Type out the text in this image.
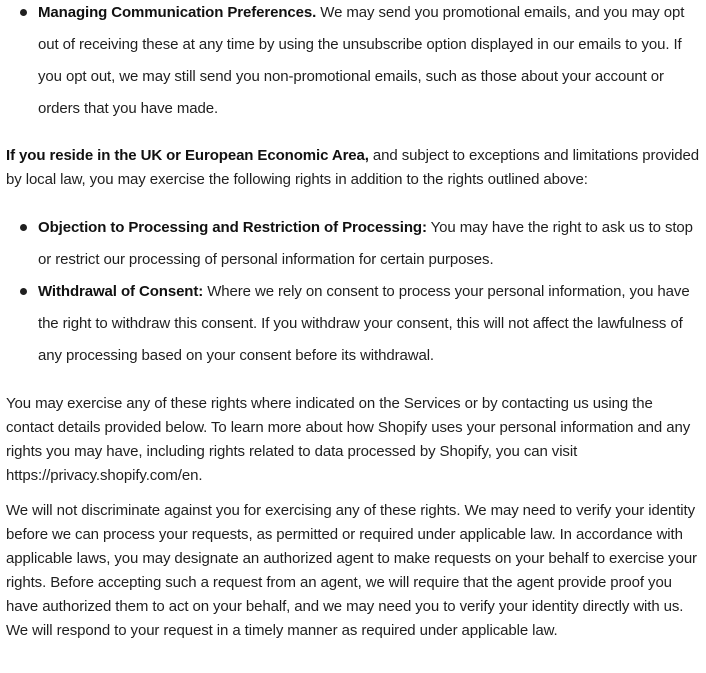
Managing Communication Preferences. We may send you promotional emails, and you may opt out of receiving these at any time by using the unsubscribe option displayed in our emails to you. If you opt out, we may still send you non-promotional emails, such as those about your account or orders that you have made.

If you reside in the UK or European Economic Area, and subject to exceptions and limitations provided by local law, you may exercise the following rights in addition to the rights outlined above:

Objection to Processing and Restriction of Processing: You may have the right to ask us to stop or restrict our processing of personal information for certain purposes.
Withdrawal of Consent: Where we rely on consent to process your personal information, you have the right to withdraw this consent. If you withdraw your consent, this will not affect the lawfulness of any processing based on your consent before its withdrawal.

You may exercise any of these rights where indicated on the Services or by contacting us using the contact details provided below. To learn more about how Shopify uses your personal information and any rights you may have, including rights related to data processed by Shopify, you can visit https://privacy.shopify.com/en.

We will not discriminate against you for exercising any of these rights. We may need to verify your identity before we can process your requests, as permitted or required under applicable law. In accordance with applicable laws, you may designate an authorized agent to make requests on your behalf to exercise your rights. Before accepting such a request from an agent, we will require that the agent provide proof you have authorized them to act on your behalf, and we may need you to verify your identity directly with us. We will respond to your request in a timely manner as required under applicable law.
